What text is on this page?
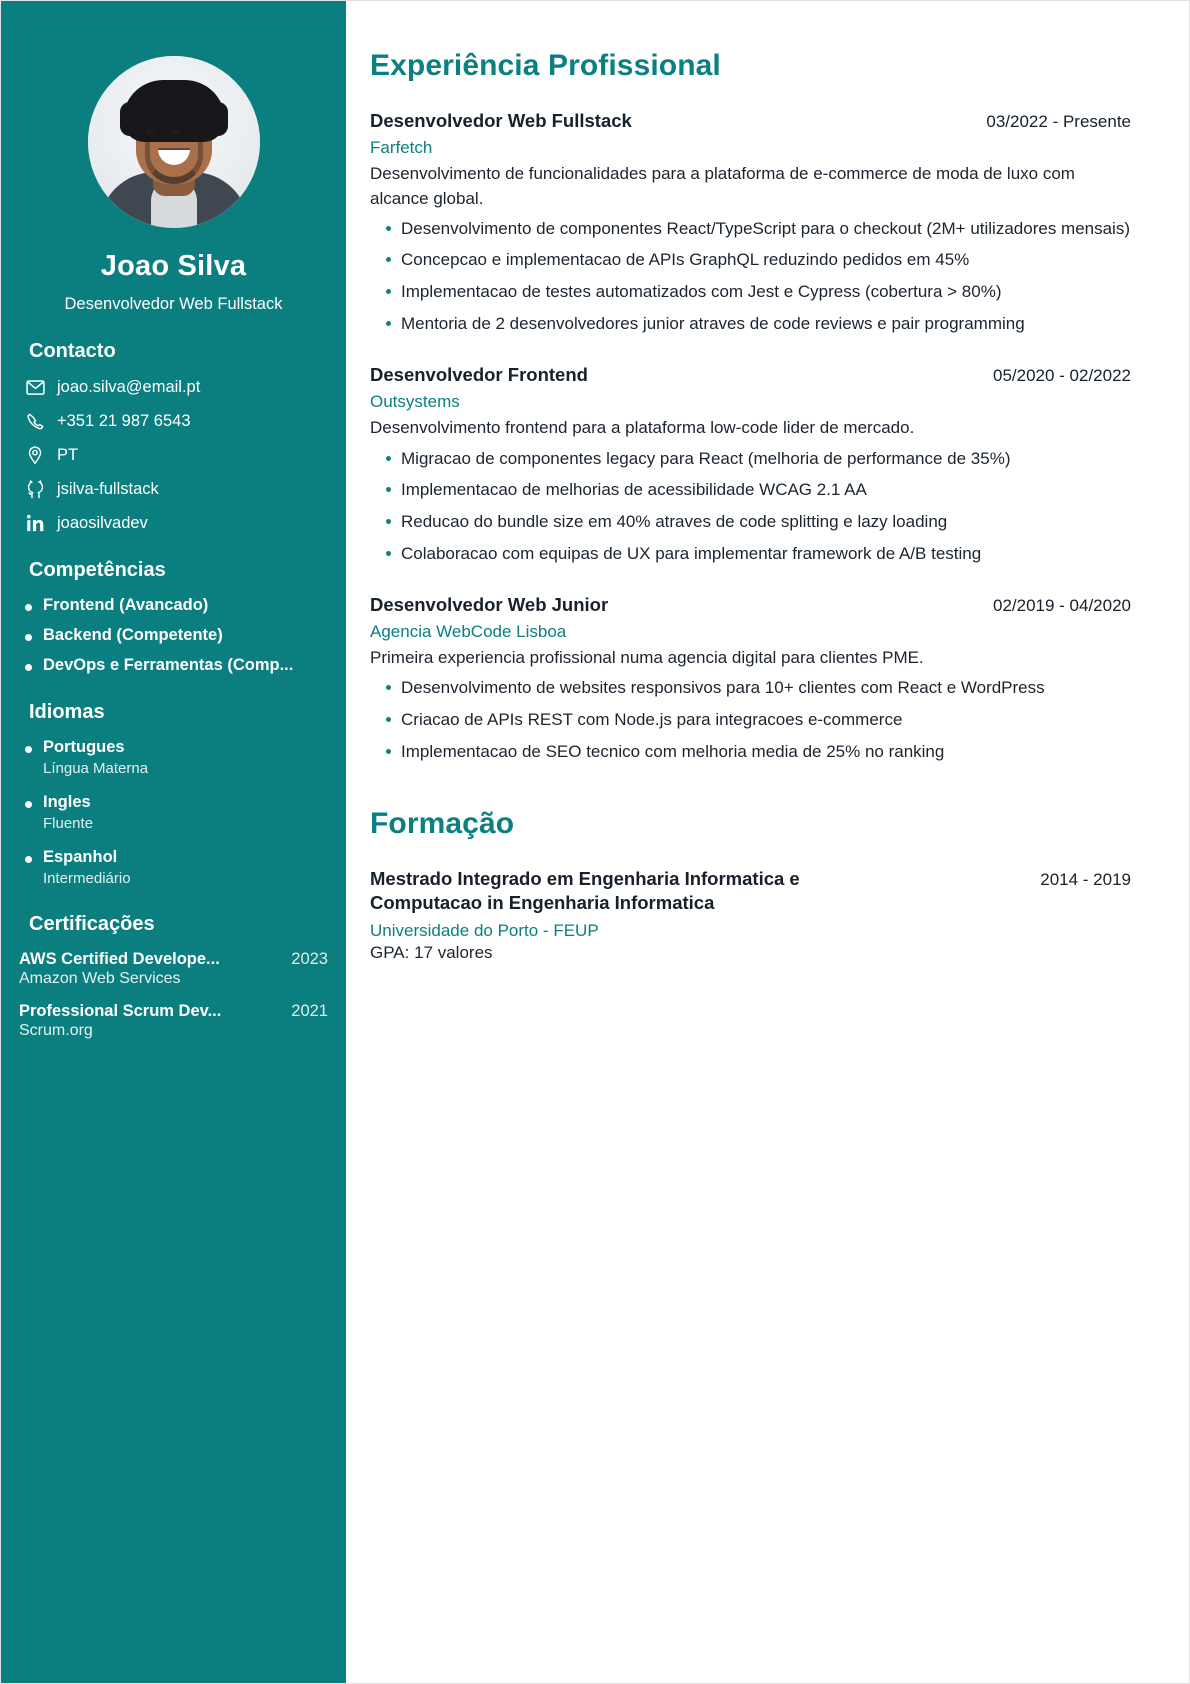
Joao Silva
Desenvolvedor Web Fullstack
Contacto
joao.silva@email.pt
+351 21 987 6543
PT
jsilva-fullstack
joaosilvadev
Competências
Frontend (Avancado)
Backend (Competente)
DevOps e Ferramentas (Comp...
Idiomas
Portugues
Língua Materna
Ingles
Fluente
Espanhol
Intermediário
Certificações
AWS Certified Develope...	2023
Amazon Web Services
Professional Scrum Dev...	2021
Scrum.org
Experiência Profissional
Desenvolvedor Web Fullstack	03/2022 - Presente
Farfetch
Desenvolvimento de funcionalidades para a plataforma de e-commerce de moda de luxo com alcance global.
Desenvolvimento de componentes React/TypeScript para o checkout (2M+ utilizadores mensais)
Concepcao e implementacao de APIs GraphQL reduzindo pedidos em 45%
Implementacao de testes automatizados com Jest e Cypress (cobertura > 80%)
Mentoria de 2 desenvolvedores junior atraves de code reviews e pair programming
Desenvolvedor Frontend	05/2020 - 02/2022
Outsystems
Desenvolvimento frontend para a plataforma low-code lider de mercado.
Migracao de componentes legacy para React (melhoria de performance de 35%)
Implementacao de melhorias de acessibilidade WCAG 2.1 AA
Reducao do bundle size em 40% atraves de code splitting e lazy loading
Colaboracao com equipas de UX para implementar framework de A/B testing
Desenvolvedor Web Junior	02/2019 - 04/2020
Agencia WebCode Lisboa
Primeira experiencia profissional numa agencia digital para clientes PME.
Desenvolvimento de websites responsivos para 10+ clientes com React e WordPress
Criacao de APIs REST com Node.js para integracoes e-commerce
Implementacao de SEO tecnico com melhoria media de 25% no ranking
Formação
Mestrado Integrado em Engenharia Informatica e Computacao in Engenharia Informatica
2014 - 2019
Universidade do Porto - FEUP
GPA: 17 valores
